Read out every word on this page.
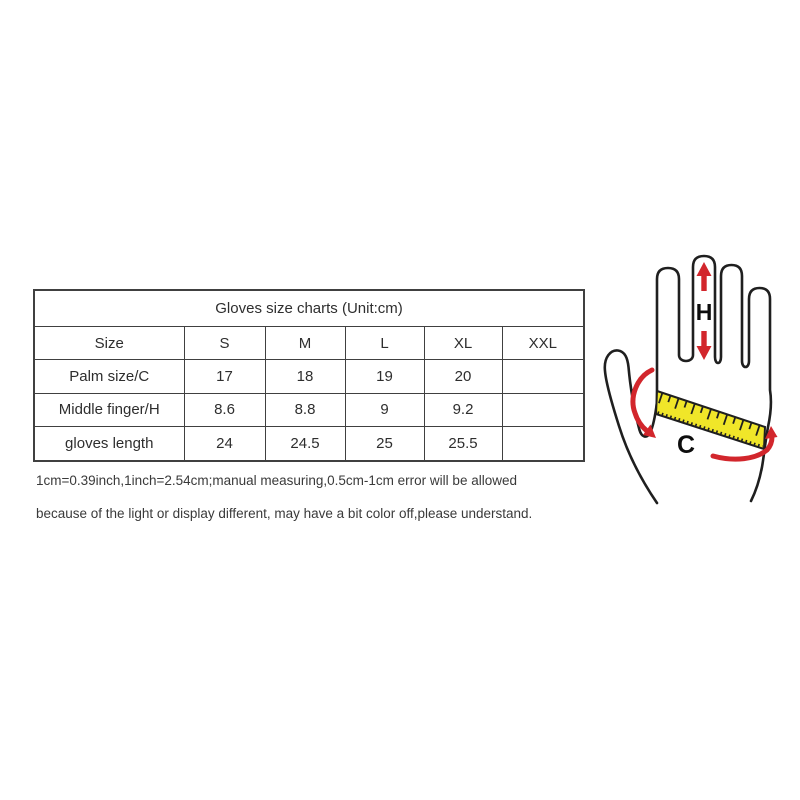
Gloves size charts (Unit:cm)					
Size	S	M	L	XL	XXL
Palm size/C	17	18	19	20	
Middle finger/H	8.6	8.8	9	9.2	
gloves length	24	24.5	25	25.5	
1cm=0.39inch,1inch=2.54cm;manual measuring,0.5cm-1cm error will be allowed
because of the light or display different, may have a bit color off,please understand.
H
C
